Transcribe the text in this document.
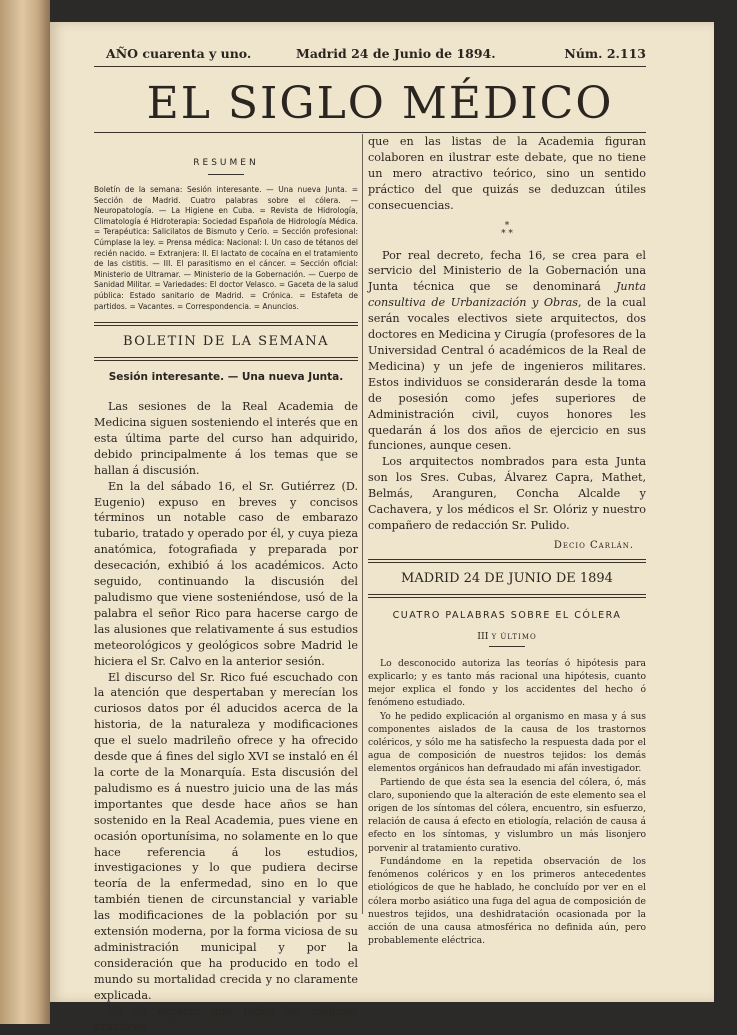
AÑO cuarenta y uno.	Madrid 24 de Junio de 1894.	Núm. 2.113
EL SIGLO MÉDICO
RESUMEN
Boletín de la semana: Sesión interesante. — Una nueva Junta. = Sección de Madrid. Cuatro palabras sobre el cólera. — Neuropatología. — La Higiene en Cuba. = Revista de Hidrología, Climatología é Hidroterapia: Sociedad Española de Hidrología Médica. = Terapéutica: Salicilatos de Bismuto y Cerio. = Sección profesional: Cúmplase la ley. = Prensa médica: Nacional: I. Un caso de tétanos del recién nacido. = Extranjera: II. El lactato de cocaína en el tratamiento de las cistitis. — III. El parasitismo en el cáncer. = Sección oficial: Ministerio de Ultramar. — Ministerio de la Gobernación. — Cuerpo de Sanidad Militar. = Variedades: El doctor Velasco. = Gaceta de la salud pública: Estado sanitario de Madrid. = Crónica. = Estafeta de partidos. = Vacantes. = Correspondencia. = Anuncios.
BOLETIN DE LA SEMANA
Sesión interesante. — Una nueva Junta.

Las sesiones de la Real Academia de Medicina siguen sosteniendo el interés que en esta última parte del curso han adquirido, debido principalmente á los temas que se hallan á discusión.

En la del sábado 16, el Sr. Gutiérrez (D. Eugenio) expuso en breves y concisos términos un notable caso de embarazo tubario, tratado y operado por él, y cuya pieza anatómica, fotografiada y preparada por desecación, exhibió á los académicos. Acto seguido, continuando la discusión del paludismo que viene sosteniéndose, usó de la palabra el señor Rico para hacerse cargo de las alusiones que relativamente á sus estudios meteorológicos y geológicos sobre Madrid le hiciera el Sr. Calvo en la anterior sesión.

El discurso del Sr. Rico fué escuchado con la atención que despertaban y merecían los curiosos datos por él aducidos acerca de la historia, de la naturaleza y modificaciones que el suelo madrileño ofrece y ha ofrecido desde que á fines del siglo XVI se instaló en él la corte de la Monarquía. Esta discusión del paludismo es á nuestro juicio una de las más importantes que desde hace años se han sostenido en la Real Academia, pues viene en ocasión oportunísima, no solamente en lo que hace referencia á los estudios, investigaciones y lo que pudiera decirse teoría de la enfermedad, sino en lo que también tienen de circunstancial y variable las modificaciones de la población por su extensión moderna, por la forma viciosa de su administración municipal y por la consideración que ha producido en todo el mundo su mortalidad crecida y no claramente explicada.

Es de esperar que todos los médicos prácticos

que en las listas de la Academia figuran colaboren en ilustrar este debate, que no tiene un mero atractivo teórico, sino un sentido práctico del que quizás se deduzcan útiles consecuencias.

*
* *

Por real decreto, fecha 16, se crea para el servicio del Ministerio de la Gobernación una Junta técnica que se denominará Junta consultiva de Urbanización y Obras, de la cual serán vocales electivos siete arquitectos, dos doctores en Medicina y Cirugía (profesores de la Universidad Central ó académicos de la Real de Medicina) y un jefe de ingenieros militares. Estos individuos se considerarán desde la toma de posesión como jefes superiores de Administración civil, cuyos honores les quedarán á los dos años de ejercicio en sus funciones, aunque cesen.

Los arquitectos nombrados para esta Junta son los Sres. Cubas, Álvarez Capra, Mathet, Belmás, Aranguren, Concha Alcalde y Cachavera, y los médicos el Sr. Olóriz y nuestro compañero de redacción Sr. Pulido.

Decio Carlán.
MADRID 24 DE JUNIO DE 1894
CUATRO PALABRAS SOBRE EL CÓLERA
III Y ÚLTIMO

Lo desconocido autoriza las teorías ó hipótesis para explicarlo; y es tanto más racional una hipótesis, cuanto mejor explica el fondo y los accidentes del hecho ó fenómeno estudiado.

Yo he pedido explicación al organismo en masa y á sus componentes aislados de la causa de los trastornos coléricos, y sólo me ha satisfecho la respuesta dada por el agua de composición de nuestros tejidos: los demás elementos orgánicos han defraudado mi afán investigador.

Partiendo de que ésta sea la esencia del cólera, ó, más claro, suponiendo que la alteración de este elemento sea el origen de los síntomas del cólera, encuentro, sin esfuerzo, relación de causa á efecto en etiología, relación de causa á efecto en los síntomas, y vislumbro un más lisonjero porvenir al tratamiento curativo.

Fundándome en la repetida observación de los fenómenos coléricos y en los primeros antecedentes etiológicos de que he hablado, he concluído por ver en el cólera morbo asiático una fuga del agua de composición de nuestros tejidos, una deshidratación ocasionada por la acción de una causa atmosférica no definida aún, pero probablemente eléctrica.
